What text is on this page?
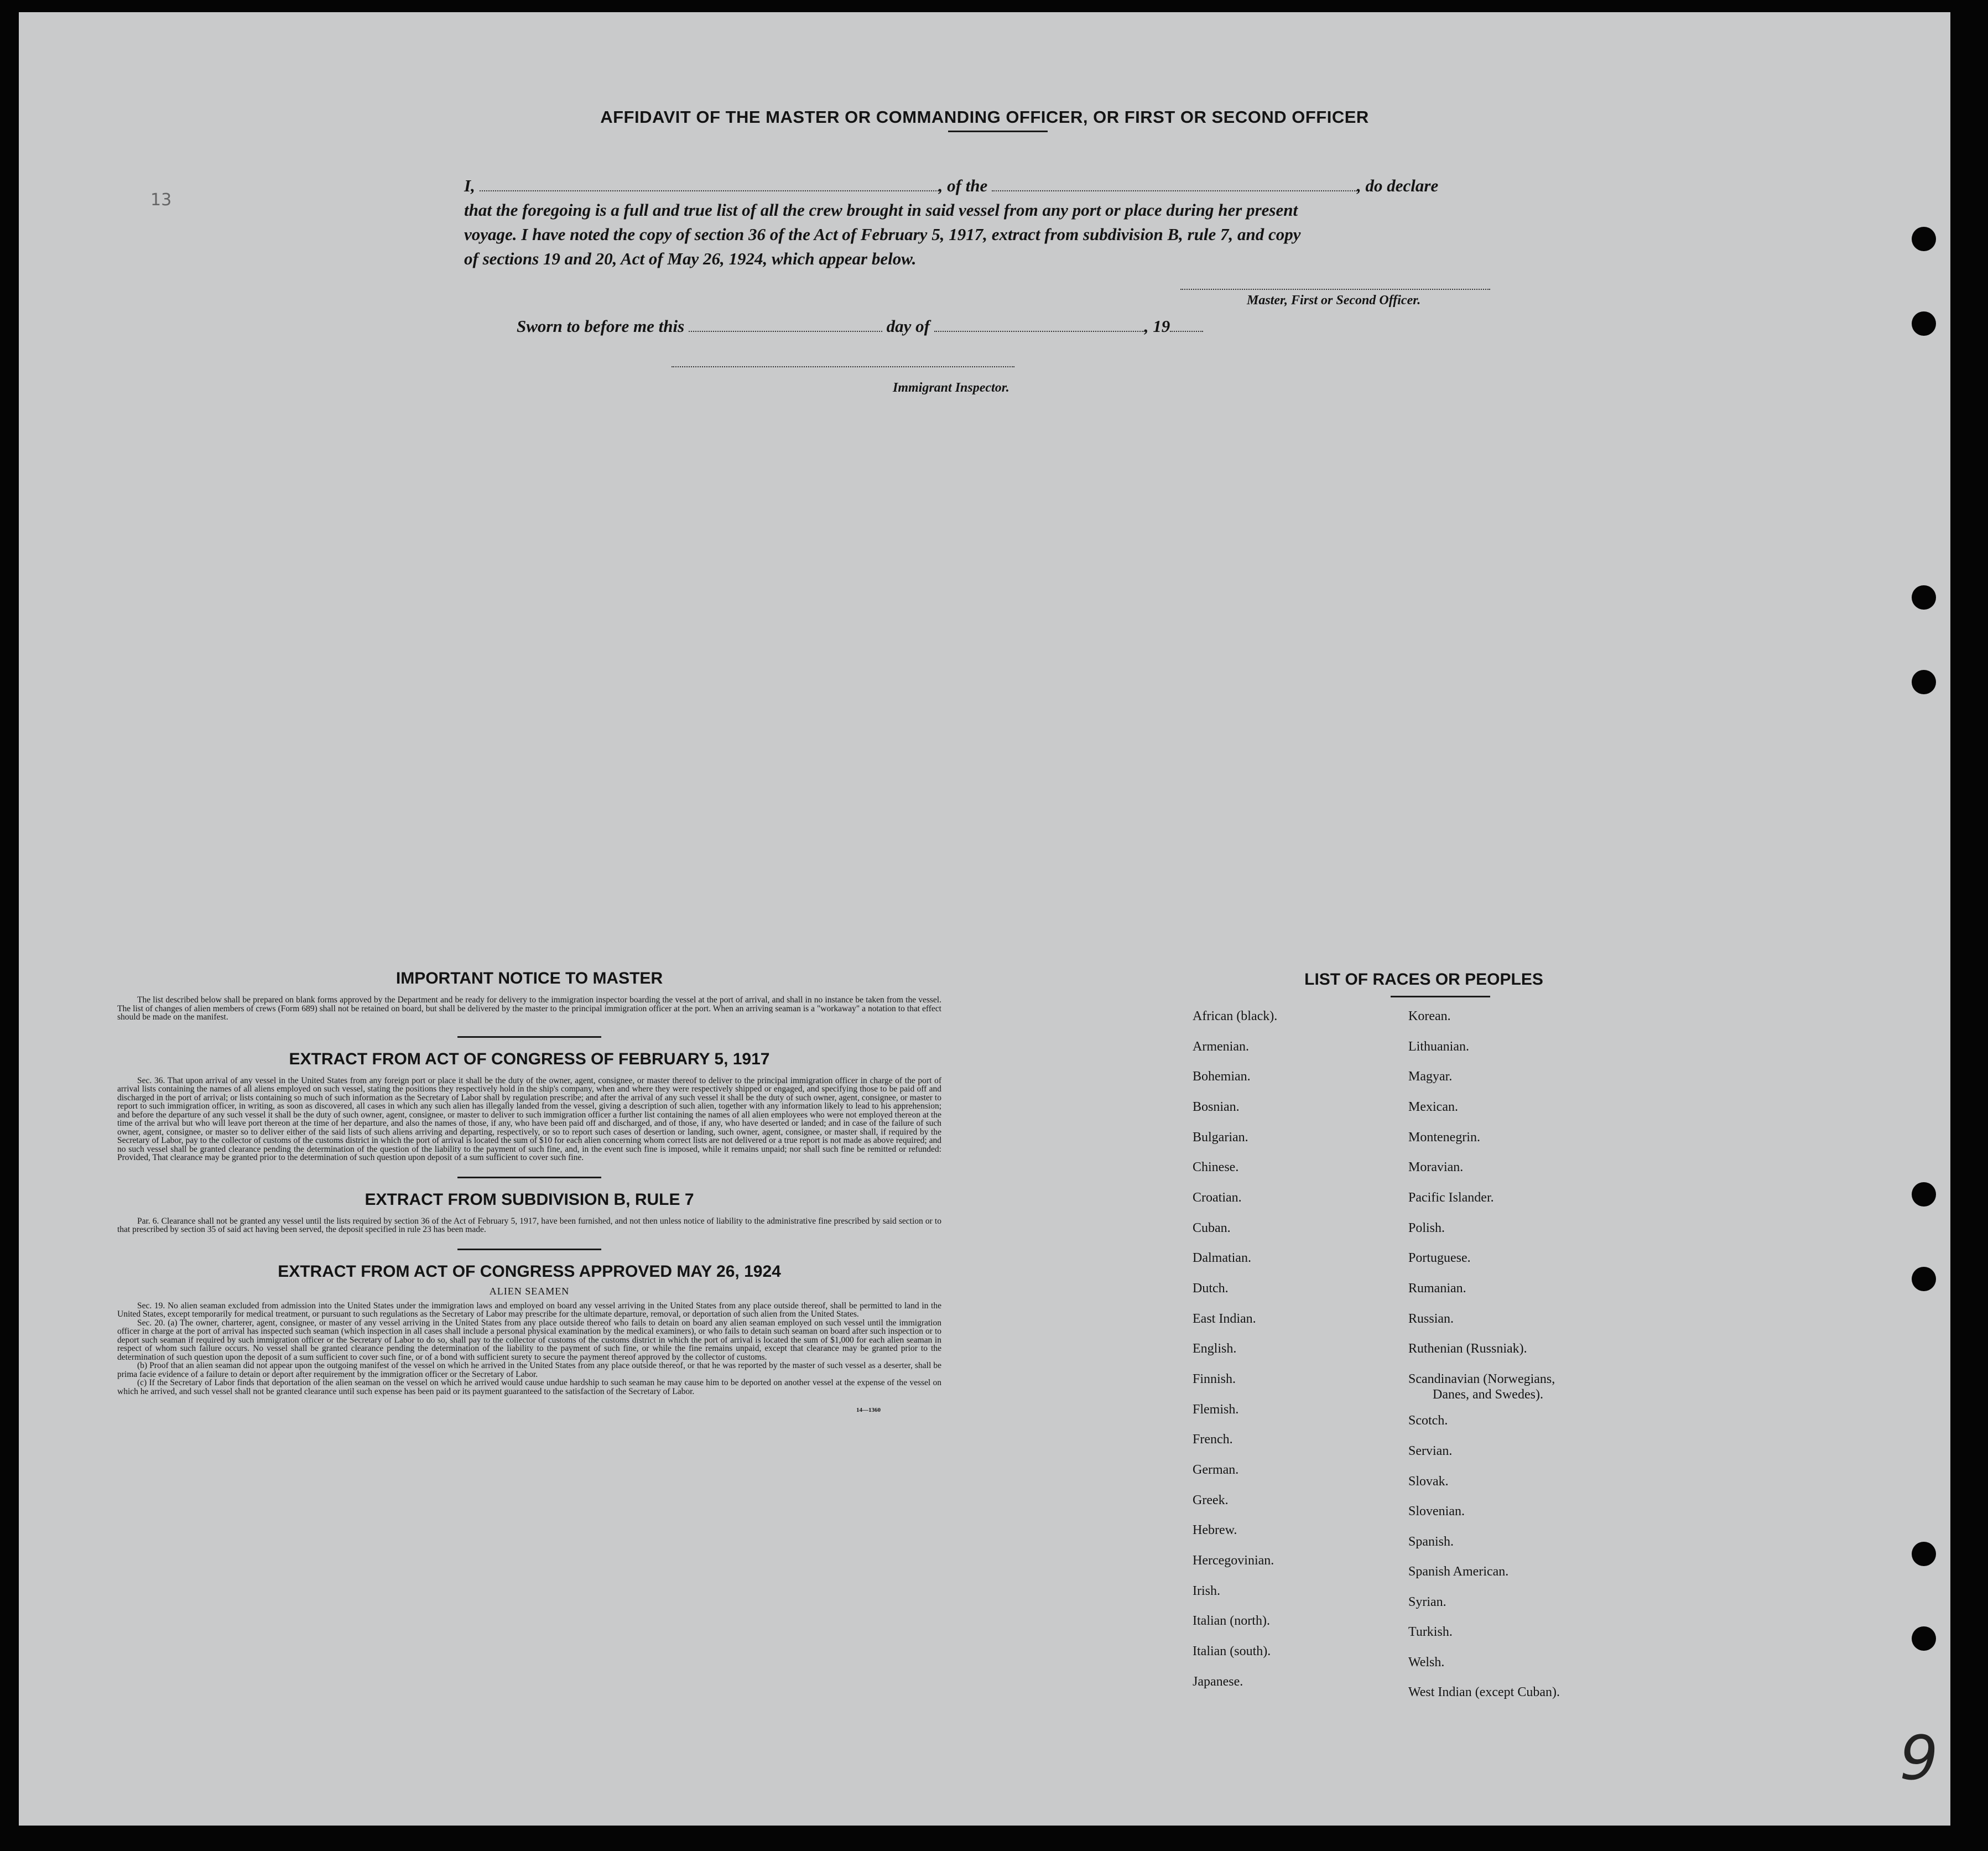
13
9
AFFIDAVIT OF THE MASTER OR COMMANDING OFFICER, OR FIRST OR SECOND OFFICER
I,	, of the	, do declare
that the foregoing is a full and true list of all the crew brought in said vessel from any port or place during her present
voyage. I have noted the copy of section 36 of the Act of February 5, 1917, extract from subdivision B, rule 7, and copy
of sections 19 and 20, Act of May 26, 1924, which appear below.
Master, First or Second Officer.
Sworn to before me this	day of	, 19
Immigrant Inspector.
IMPORTANT NOTICE TO MASTER

The list described below shall be prepared on blank forms approved by the Department and be ready for delivery to the immigration inspector boarding the vessel at the port of arrival, and shall in no instance be taken from the vessel. The list of changes of alien members of crews (Form 689) shall not be retained on board, but shall be delivered by the master to the principal immigration officer at the port. When an arriving seaman is a "workaway" a notation to that effect should be made on the manifest.

EXTRACT FROM ACT OF CONGRESS OF FEBRUARY 5, 1917

Sec. 36. That upon arrival of any vessel in the United States from any foreign port or place it shall be the duty of the owner, agent, consignee, or master thereof to deliver to the principal immigration officer in charge of the port of arrival lists containing the names of all aliens employed on such vessel, stating the positions they respectively hold in the ship's company, when and where they were respectively shipped or engaged, and specifying those to be paid off and discharged in the port of arrival; or lists containing so much of such information as the Secretary of Labor shall by regulation prescribe; and after the arrival of any such vessel it shall be the duty of such owner, agent, consignee, or master to report to such immigration officer, in writing, as soon as discovered, all cases in which any such alien has illegally landed from the vessel, giving a description of such alien, together with any information likely to lead to his apprehension; and before the departure of any such vessel it shall be the duty of such owner, agent, consignee, or master to deliver to such immigration officer a further list containing the names of all alien employees who were not employed thereon at the time of the arrival but who will leave port thereon at the time of her departure, and also the names of those, if any, who have been paid off and discharged, and of those, if any, who have deserted or landed; and in case of the failure of such owner, agent, consignee, or master so to deliver either of the said lists of such aliens arriving and departing, respectively, or so to report such cases of desertion or landing, such owner, agent, consignee, or master shall, if required by the Secretary of Labor, pay to the collector of customs of the customs district in which the port of arrival is located the sum of $10 for each alien concerning whom correct lists are not delivered or a true report is not made as above required; and no such vessel shall be granted clearance pending the determination of the question of the liability to the payment of such fine, and, in the event such fine is imposed, while it remains unpaid; nor shall such fine be remitted or refunded: Provided, That clearance may be granted prior to the determination of such question upon deposit of a sum sufficient to cover such fine.

EXTRACT FROM SUBDIVISION B, RULE 7

Par. 6. Clearance shall not be granted any vessel until the lists required by section 36 of the Act of February 5, 1917, have been furnished, and not then unless notice of liability to the administrative fine prescribed by said section or to that prescribed by section 35 of said act having been served, the deposit specified in rule 23 has been made.

EXTRACT FROM ACT OF CONGRESS APPROVED MAY 26, 1924
ALIEN SEAMEN

Sec. 19. No alien seaman excluded from admission into the United States under the immigration laws and employed on board any vessel arriving in the United States from any place outside thereof, shall be permitted to land in the United States, except temporarily for medical treatment, or pursuant to such regulations as the Secretary of Labor may prescribe for the ultimate departure, removal, or deportation of such alien from the United States.

Sec. 20. (a) The owner, charterer, agent, consignee, or master of any vessel arriving in the United States from any place outside thereof who fails to detain on board any alien seaman employed on such vessel until the immigration officer in charge at the port of arrival has inspected such seaman (which inspection in all cases shall include a personal physical examination by the medical examiners), or who fails to detain such seaman on board after such inspection or to deport such seaman if required by such immigration officer or the Secretary of Labor to do so, shall pay to the collector of customs of the customs district in which the port of arrival is located the sum of $1,000 for each alien seaman in respect of whom such failure occurs. No vessel shall be granted clearance pending the determination of the liability to the payment of such fine, or while the fine remains unpaid, except that clearance may be granted prior to the determination of such question upon the deposit of a sum sufficient to cover such fine, or of a bond with sufficient surety to secure the payment thereof approved by the collector of customs.

(b) Proof that an alien seaman did not appear upon the outgoing manifest of the vessel on which he arrived in the United States from any place outside thereof, or that he was reported by the master of such vessel as a deserter, shall be prima facie evidence of a failure to detain or deport after requirement by the immigration officer or the Secretary of Labor.

(c) If the Secretary of Labor finds that deportation of the alien seaman on the vessel on which he arrived would cause undue hardship to such seaman he may cause him to be deported on another vessel at the expense of the vessel on which he arrived, and such vessel shall not be granted clearance until such expense has been paid or its payment guaranteed to the satisfaction of the Secretary of Labor.

14—1360
LIST OF RACES OR PEOPLES
African (black).
Armenian.
Bohemian.
Bosnian.
Bulgarian.
Chinese.
Croatian.
Cuban.
Dalmatian.
Dutch.
East Indian.
English.
Finnish.
Flemish.
French.
German.
Greek.
Hebrew.
Hercegovinian.
Irish.
Italian (north).
Italian (south).
Japanese.
Korean.
Lithuanian.
Magyar.
Mexican.
Montenegrin.
Moravian.
Pacific Islander.
Polish.
Portuguese.
Rumanian.
Russian.
Ruthenian (Russniak).
Scandinavian (Norwegians,
Danes, and Swedes).
Scotch.
Servian.
Slovak.
Slovenian.
Spanish.
Spanish American.
Syrian.
Turkish.
Welsh.
West Indian (except Cuban).
